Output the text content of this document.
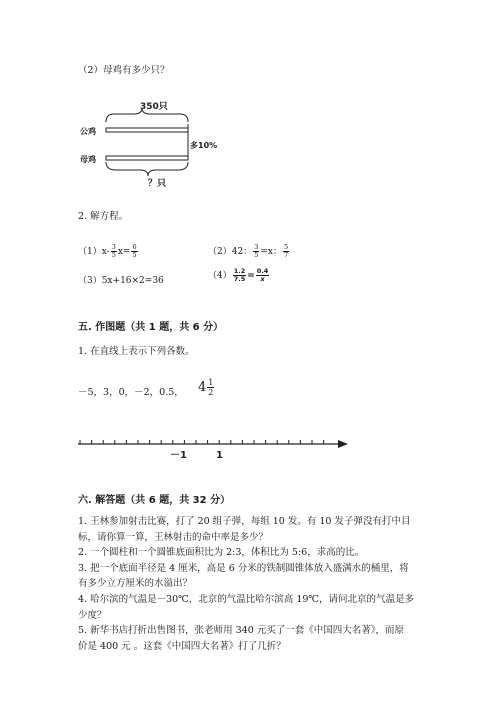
（2）母鸡有多少只？
350只
多10%
？只
公鸡
母鸡
2. 解方程。
$(1)x- \frac{3}{5} x= \frac{6}{5}$	（2）42： $\frac{3}{5} =x$： $\frac{5}{7}$
（3）5x+16×2=36	$(4) \frac{1.2}{7.5} = \frac{0.4}{x}$
五. 作图题（共 1 题，共 6 分）
1. 在直线上表示下列各数。
－5，3，0，－2，0.5， $4 \frac{1}{2}$
－1	1
六. 解答题（共 6 题，共 32 分）
1. 王林参加射击比赛，打了 20 组子弹，每组 10 发。有 10 发子弹没有打中目
标，请你算一算，王林射击的命中率是多少？
2. 一个圆柱和一个圆锥底面积比为 2:3，体积比为 5:6，求高的比。
3. 把一个底面半径是 4 厘米，高是 6 分米的铁制圆锥体放入盛满水的桶里，将
有多少立方厘米的水溢出？
4. 哈尔滨的气温是－30℃，北京的气温比哈尔滨高 19℃，请问北京的气温是多
少度？
5. 新华书店打折出售图书，张老师用 340 元买了一套《中国四大名著》，而原
价是 400 元 。这套《中国四大名著》打了几折？
